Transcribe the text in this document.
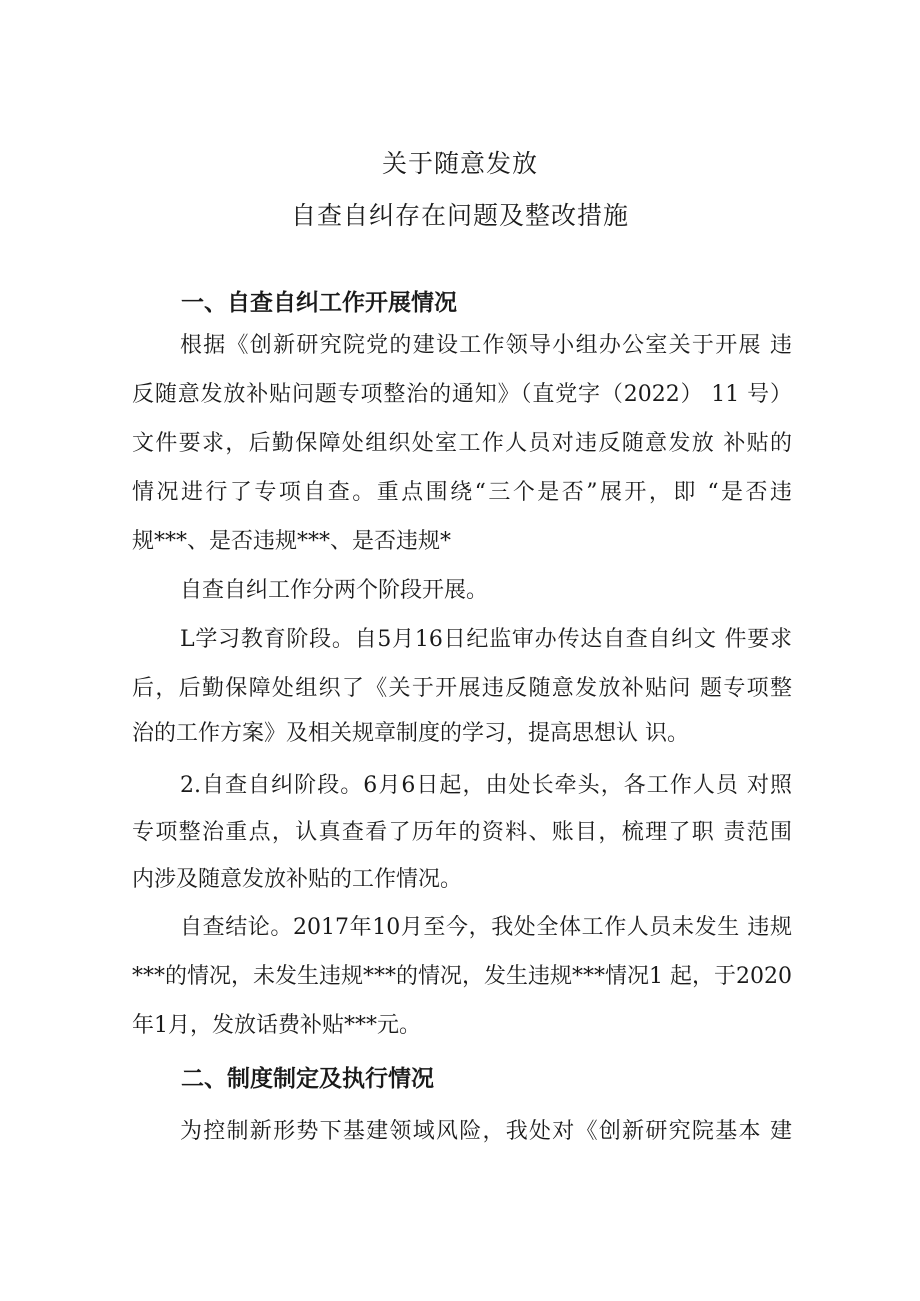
关于随意发放
自查自纠存在问题及整改措施
一、自查自纠工作开展情况
根据《创新研究院党的建设工作领导小组办公室关于开展 违
反随意发放补贴问题专项整治的通知》（直党字（2022） 11 号）
文件要求，后勤保障处组织处室工作人员对违反随意发放 补贴的
情况进行了专项自查。重点围绕“三个是否”展开，即 “是否违
规***、是否违规***、是否违规*
自查自纠工作分两个阶段开展。
L学习教育阶段。自5月16日纪监审办传达自查自纠文 件要求
后，后勤保障处组织了《关于开展违反随意发放补贴问 题专项整
治的工作方案》及相关规章制度的学习，提高思想认 识。
2.自查自纠阶段。6月6日起，由处长牵头，各工作人员 对照
专项整治重点，认真查看了历年的资料、账目，梳理了职 责范围
内涉及随意发放补贴的工作情况。
自查结论。2017年10月至今，我处全体工作人员未发生 违规
***的情况，未发生违规***的情况，发生违规***情况1 起，于2020
年1月，发放话费补贴***元。
二、制度制定及执行情况
为控制新形势下基建领域风险，我处对《创新研究院基本 建
